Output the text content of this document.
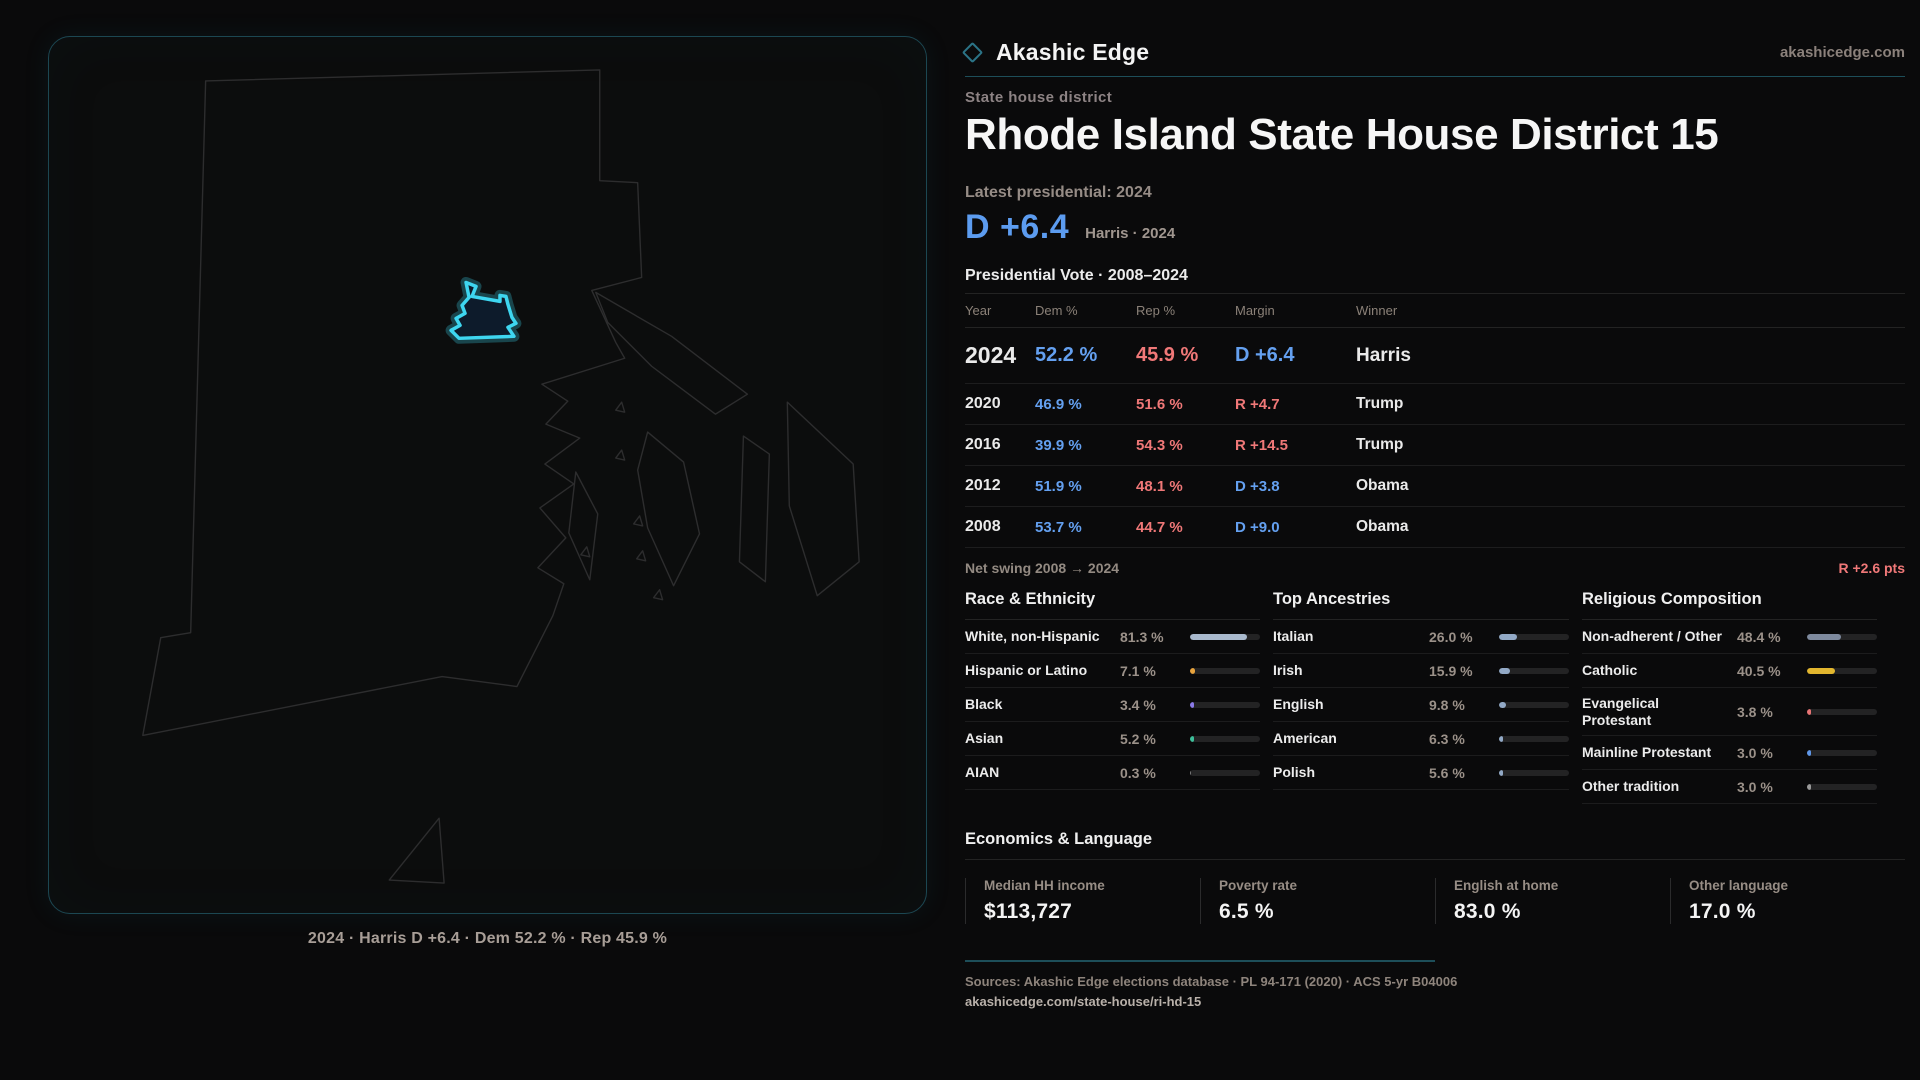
2024 · Harris D +6.4 · Dem 52.2 % · Rep 45.9 %
Akashic Edge	akashicedge.com
State house district
Rhode Island State House District 15
Latest presidential: 2024
D +6.4 Harris · 2024
Presidential Vote · 2008–2024
Year	Dem %	Rep %	Margin	Winner
2024 52.2 %	45.9 %	D +6.4	Harris
2020	46.9 %	51.6 %	R +4.7	Trump
2016	39.9 %	54.3 %	R +14.5	Trump
2012	51.9 %	48.1 %	D +3.8	Obama
2008	53.7 %	44.7 %	D +9.0	Obama
Net swing 2008 → 2024	R +2.6 pts
Race & Ethnicity
White, non-Hispanic	81.3 %
Hispanic or Latino	7.1 %
Black	3.4 %
Asian	5.2 %
AIAN	0.3 %
Top Ancestries
Italian	26.0 %
Irish	15.9 %
English	9.8 %
American	6.3 %
Polish	5.6 %
Religious Composition
Non-adherent / Other	48.4 %
Catholic	40.5 %
Evangelical Protestant	3.8 %
Mainline Protestant	3.0 %
Other tradition	3.0 %
Economics & Language
Median HH income
$113,727
Poverty rate
6.5 %
English at home
83.0 %
Other language
17.0 %
Sources: Akashic Edge elections database · PL 94-171 (2020) · ACS 5-yr B04006
akashicedge.com/state-house/ri-hd-15
